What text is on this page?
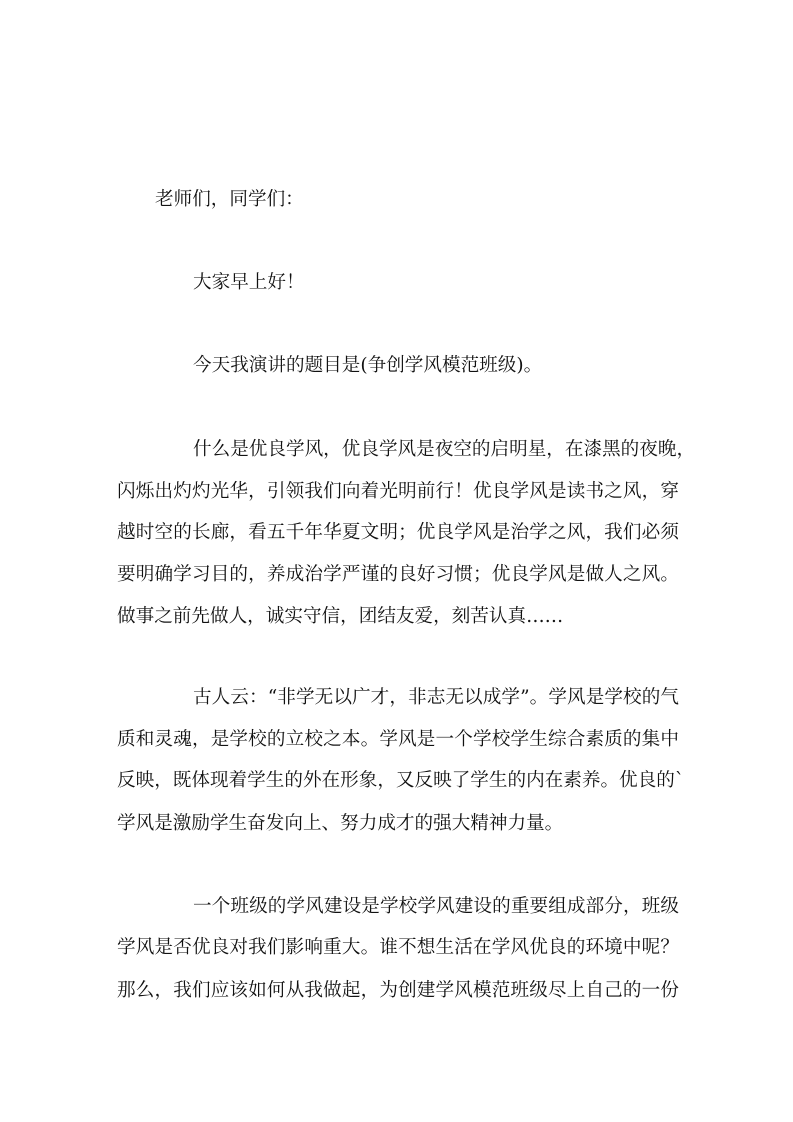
老师们，同学们：
大家早上好！
今天我演讲的题目是(争创学风模范班级)。
什么是优良学风，优良学风是夜空的启明星，在漆黑的夜晚，
闪烁出灼灼光华，引领我们向着光明前行！优良学风是读书之风，穿
越时空的长廊，看五千年华夏文明；优良学风是治学之风，我们必须
要明确学习目的，养成治学严谨的良好习惯；优良学风是做人之风。
做事之前先做人，诚实守信，团结友爱，刻苦认真……
古人云：“非学无以广才，非志无以成学”。学风是学校的气
质和灵魂，是学校的立校之本。学风是一个学校学生综合素质的集中
反映，既体现着学生的外在形象，又反映了学生的内在素养。优良的`
学风是激励学生奋发向上、努力成才的强大精神力量。
一个班级的学风建设是学校学风建设的重要组成部分，班级
学风是否优良对我们影响重大。谁不想生活在学风优良的环境中呢？
那么，我们应该如何从我做起，为创建学风模范班级尽上自己的一份
